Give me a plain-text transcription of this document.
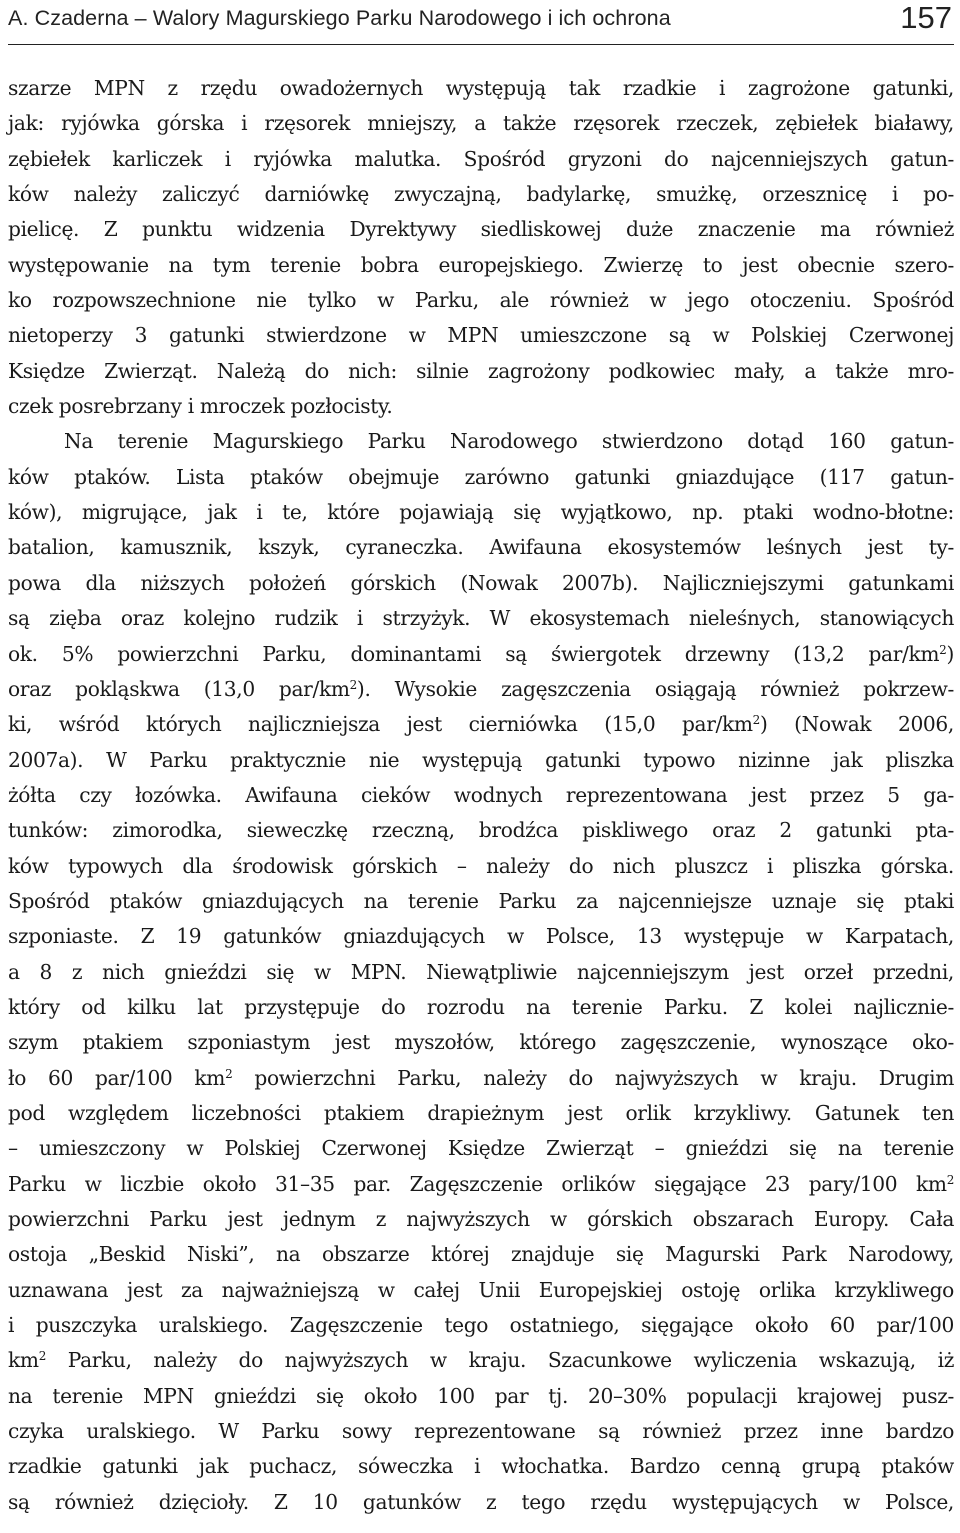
A. Czaderna – Walory Magurskiego Parku Narodowego i ich ochrona	157

szarze MPN z rzędu owadożernych występują tak rzadkie i zagrożone gatunki,
jak: ryjówka górska i rzęsorek mniejszy, a także rzęsorek rzeczek, zębiełek białawy,
zębiełek karliczek i ryjówka malutka. Spośród gryzoni do najcenniejszych gatun-
ków należy zaliczyć darniówkę zwyczajną, badylarkę, smużkę, orzesznicę i po-
pielicę. Z punktu widzenia Dyrektywy siedliskowej duże znaczenie ma również
występowanie na tym terenie bobra europejskiego. Zwierzę to jest obecnie szero-
ko rozpowszechnione nie tylko w Parku, ale również w jego otoczeniu. Spośród
nietoperzy 3 gatunki stwierdzone w MPN umieszczone są w Polskiej Czerwonej
Księdze Zwierząt. Należą do nich: silnie zagrożony podkowiec mały, a także mro-
czek posrebrzany i mroczek pozłocisty.

Na terenie Magurskiego Parku Narodowego stwierdzono dotąd 160 gatun-
ków ptaków. Lista ptaków obejmuje zarówno gatunki gniazdujące (117 gatun-
ków), migrujące, jak i te, które pojawiają się wyjątkowo, np. ptaki wodno-błotne:
batalion, kamusznik, kszyk, cyraneczka. Awifauna ekosystemów leśnych jest ty-
powa dla niższych położeń górskich (Nowak 2007b). Najliczniejszymi gatunkami
są zięba oraz kolejno rudzik i strzyżyk. W ekosystemach nieleśnych, stanowiących
ok. 5% powierzchni Parku, dominantami są świergotek drzewny (13,2 par/$km^2$)
oraz pokląskwa (13,0 par/$km^2$). Wysokie zagęszczenia osiągają również pokrzew-
ki, wśród których najliczniejsza jest cierniówka (15,0 par/$km^2$) (Nowak 2006,
2007a). W Parku praktycznie nie występują gatunki typowo nizinne jak pliszka
żółta czy łozówka. Awifauna cieków wodnych reprezentowana jest przez 5 ga-
tunków: zimorodka, sieweczkę rzeczną, brodźca piskliwego oraz 2 gatunki pta-
ków typowych dla środowisk górskich – należy do nich pluszcz i pliszka górska.
Spośród ptaków gniazdujących na terenie Parku za najcenniejsze uznaje się ptaki
szponiaste. Z 19 gatunków gniazdujących w Polsce, 13 występuje w Karpatach,
a 8 z nich gnieździ się w MPN. Niewątpliwie najcenniejszym jest orzeł przedni,
który od kilku lat przystępuje do rozrodu na terenie Parku. Z kolei najlicznie-
szym ptakiem szponiastym jest myszołów, którego zagęszczenie, wynoszące oko-
ło 60 par/100 $km^2$ powierzchni Parku, należy do najwyższych w kraju. Drugim
pod względem liczebności ptakiem drapieżnym jest orlik krzykliwy. Gatunek ten
– umieszczony w Polskiej Czerwonej Księdze Zwierząt – gnieździ się na terenie
Parku w liczbie około 31–35 par. Zagęszczenie orlików sięgające 23 pary/100 $km^2$
powierzchni Parku jest jednym z najwyższych w górskich obszarach Europy. Cała
ostoja „Beskid Niski”, na obszarze której znajduje się Magurski Park Narodowy,
uznawana jest za najważniejszą w całej Unii Europejskiej ostoję orlika krzykliwego
i puszczyka uralskiego. Zagęszczenie tego ostatniego, sięgające około 60 par/100
$km^2$ Parku, należy do najwyższych w kraju. Szacunkowe wyliczenia wskazują, iż
na terenie MPN gnieździ się około 100 par tj. 20–30% populacji krajowej pusz-
czyka uralskiego. W Parku sowy reprezentowane są również przez inne bardzo
rzadkie gatunki jak puchacz, sóweczka i włochatka. Bardzo cenną grupą ptaków
są również dzięcioły. Z 10 gatunków z tego rzędu występujących w Polsce,
